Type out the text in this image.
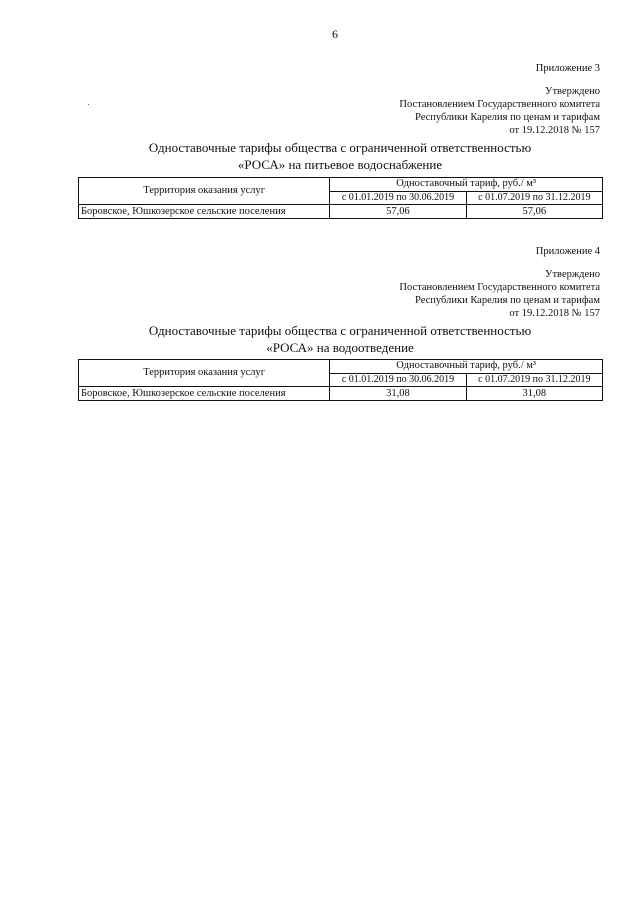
6
Приложение 3
Утверждено
Постановлением Государственного комитета
Республики Карелия по ценам и тарифам
от 19.12.2018 № 157
Одноставочные тарифы общества с ограниченной ответственностью
«РОСА» на питьевое водоснабжение
Территория оказания услуг	Одноставочный тариф, руб./ м³	
	с 01.01.2019 по 30.06.2019	с 01.07.2019 по 31.12.2019
Боровское, Юшкозерское сельские поселения	57,06	57,06
Приложение 4
Утверждено
Постановлением Государственного комитета
Республики Карелия по ценам и тарифам
от 19.12.2018 № 157
Одноставочные тарифы общества с ограниченной ответственностью
«РОСА» на водоотведение
Территория оказания услуг	Одноставочный тариф, руб./ м³	
	с 01.01.2019 по 30.06.2019	с 01.07.2019 по 31.12.2019
Боровское, Юшкозерское сельские поселения	31,08	31,08
